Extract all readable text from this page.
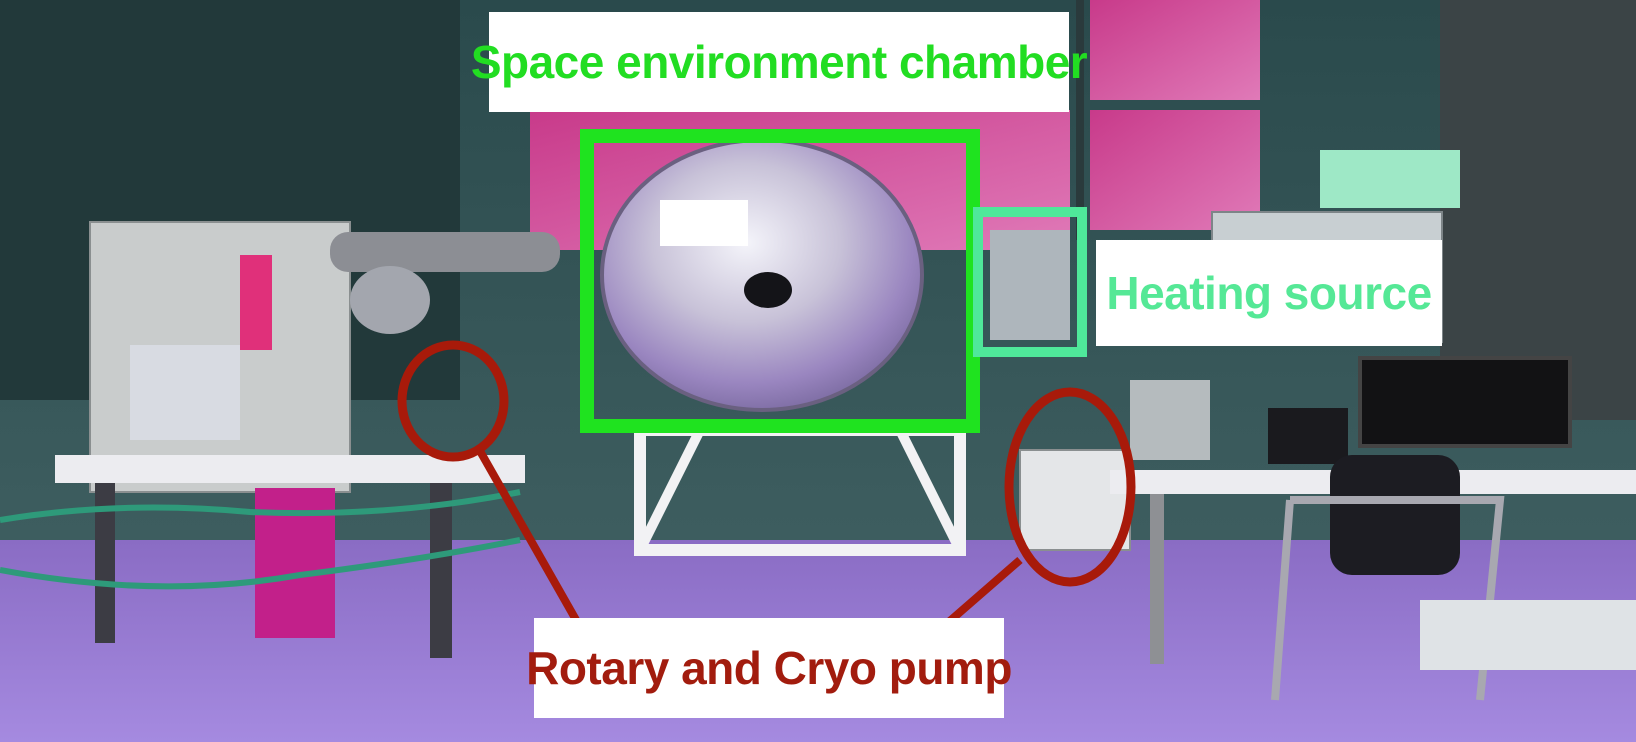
Space environment chamber
Heating source
Rotary and Cryo pump
